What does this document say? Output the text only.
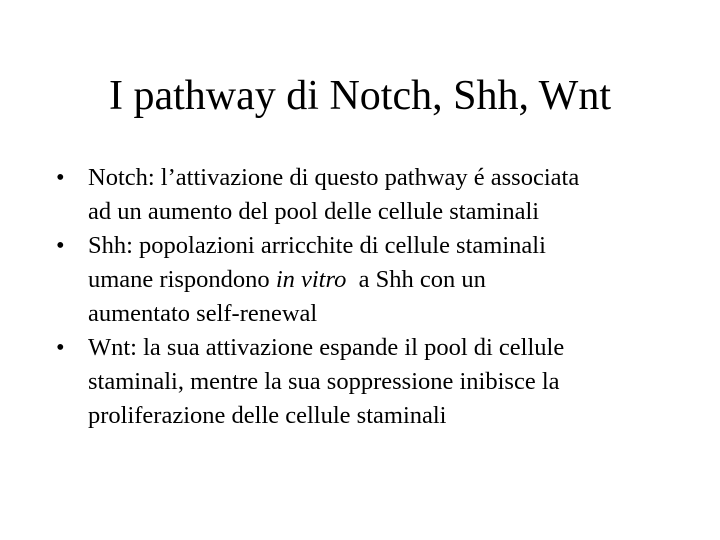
I pathway di Notch, Shh, Wnt
• Notch: l’attivazione di questo pathway é associata
ad un aumento del pool delle cellule staminali
• Shh: popolazioni arricchite di cellule staminali
umane rispondono in vitro  a Shh con un
aumentato self-renewal
• Wnt: la sua attivazione espande il pool di cellule
staminali, mentre la sua soppressione inibisce la
proliferazione delle cellule staminali
